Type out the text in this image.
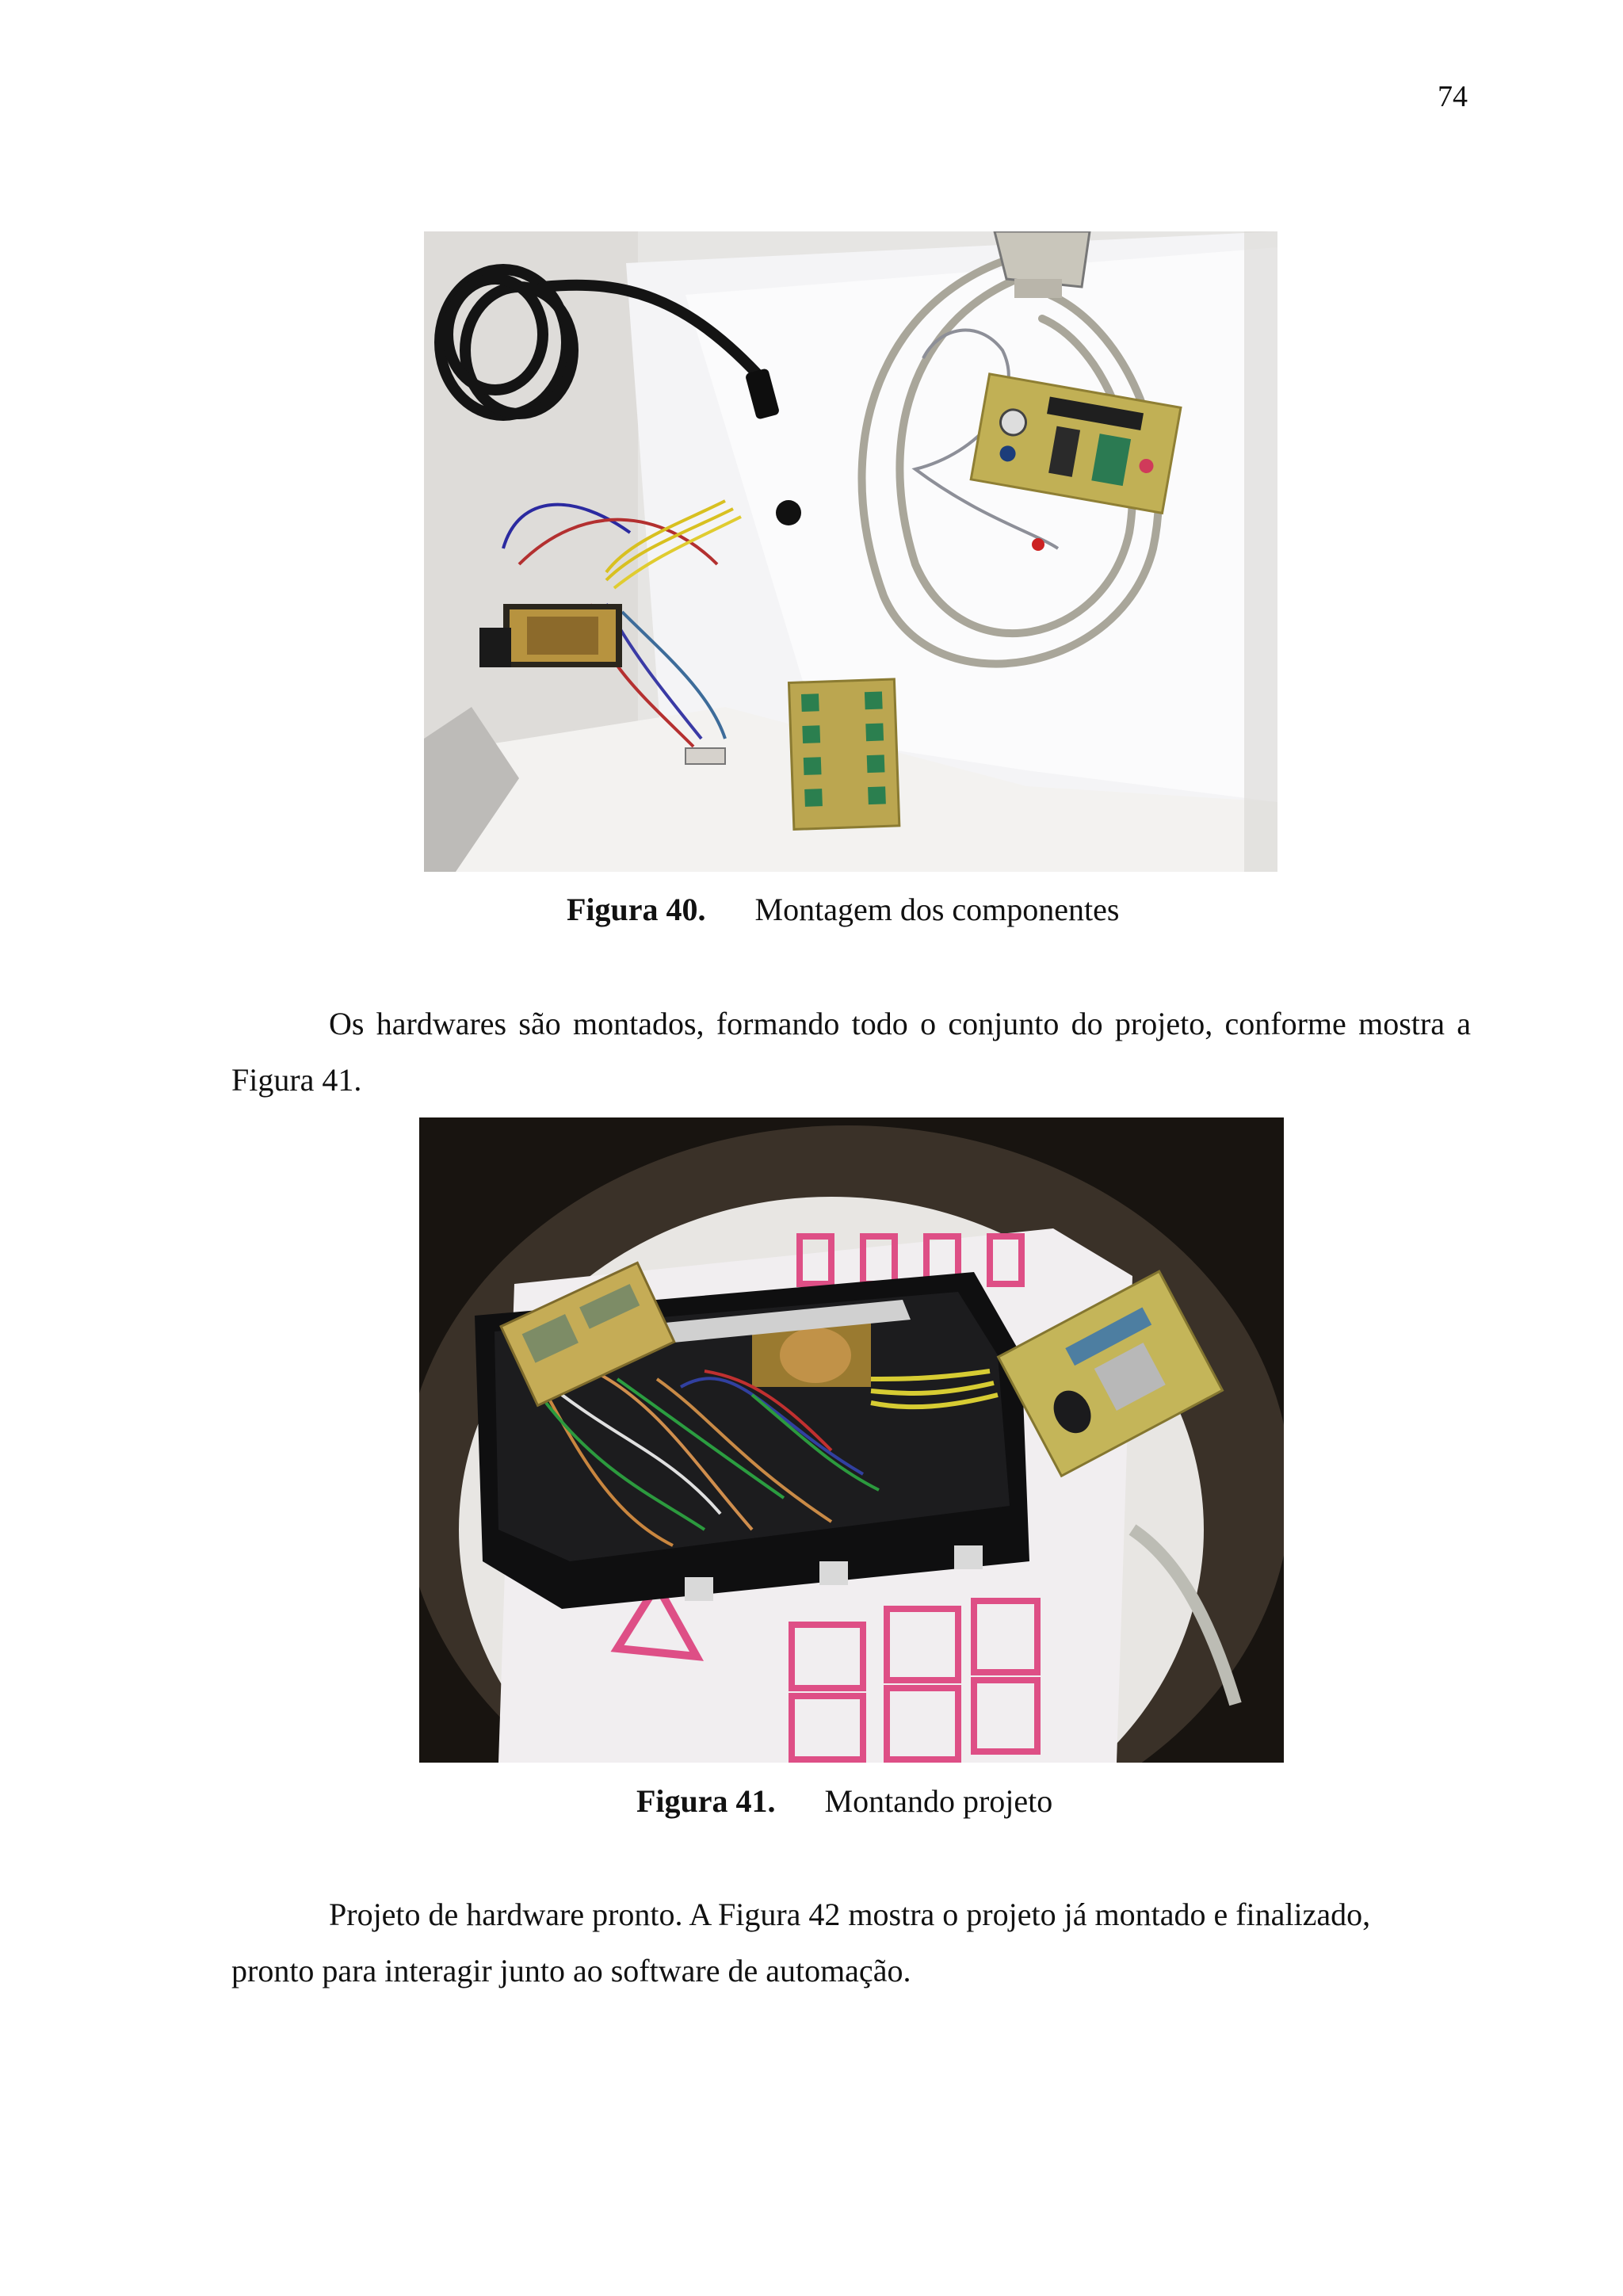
74
Figura 40. Montagem dos componentes
Os hardwares são montados, formando todo o conjunto do projeto, conforme mostra a
Figura 41.
Figura 41. Montando projeto
Projeto de hardware pronto. A Figura 42 mostra o projeto já montado e finalizado,
pronto para interagir junto ao software de automação.
